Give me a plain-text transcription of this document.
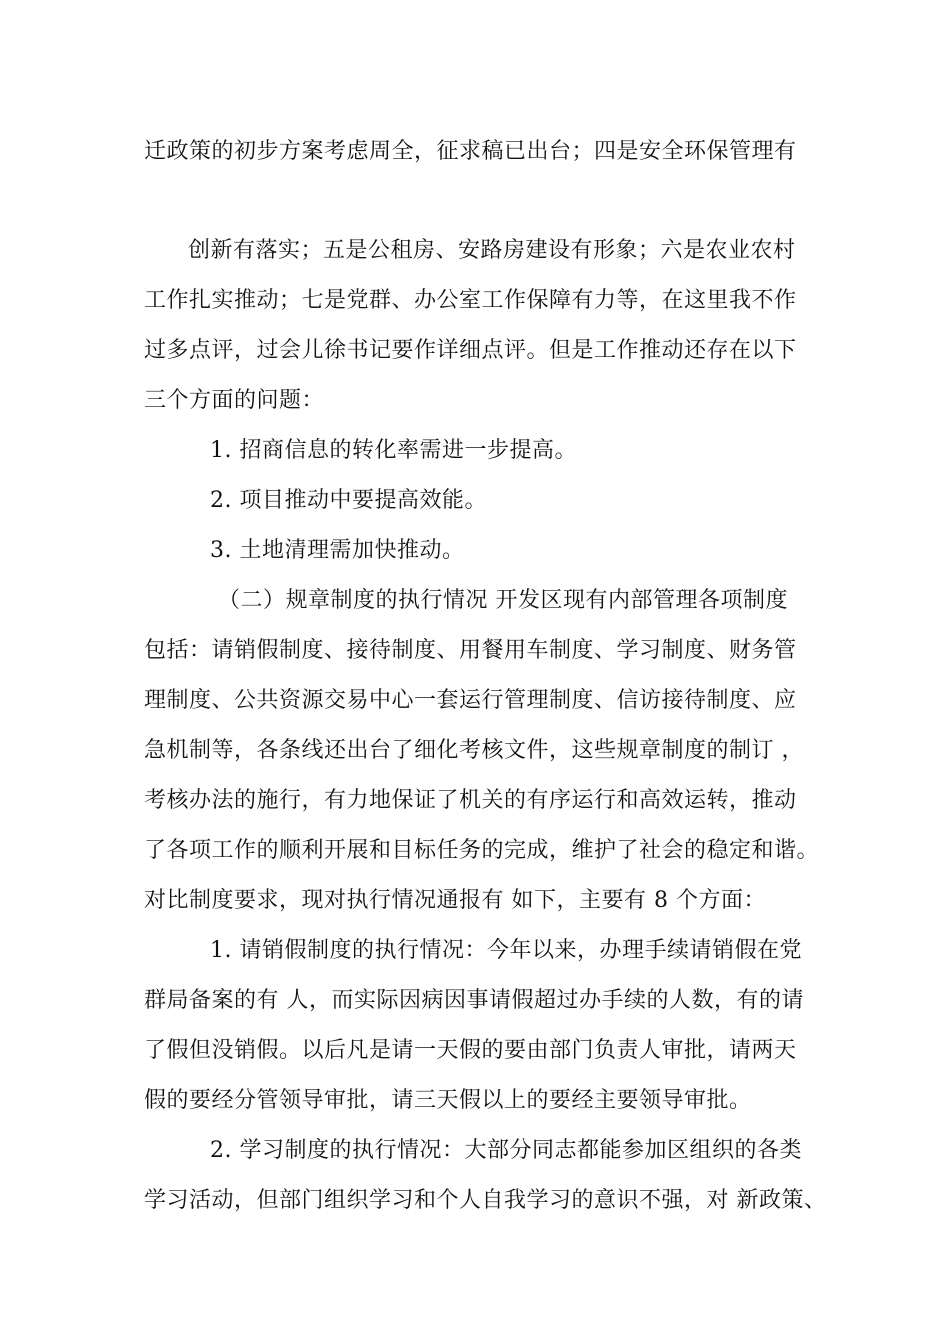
迁政策的初步方案考虑周全，征求稿已出台；四是安全环保管理有
创新有落实；五是公租房、安路房建设有形象；六是农业农村
工作扎实推动；七是党群、办公室工作保障有力等，在这里我不作
过多点评，过会儿徐书记要作详细点评。但是工作推动还存在以下
三个方面的问题：
1. 招商信息的转化率需进一步提高。
2. 项目推动中要提高效能。
3. 土地清理需加快推动。
（二）规章制度的执行情况 开发区现有内部管理各项制度
包括：请销假制度、接待制度、用餐用车制度、学习制度、财务管
理制度、公共资源交易中心一套运行管理制度、信访接待制度、应
急机制等，各条线还出台了细化考核文件，这些规章制度的制订 ，
考核办法的施行，有力地保证了机关的有序运行和高效运转，推动
了各项工作的顺利开展和目标任务的完成，维护了社会的稳定和谐。
对比制度要求，现对执行情况通报有 如下，主要有 8 个方面：
1. 请销假制度的执行情况：今年以来，办理手续请销假在党
群局备案的有 人，而实际因病因事请假超过办手续的人数，有的请
了假但没销假。以后凡是请一天假的要由部门负责人审批，请两天
假的要经分管领导审批，请三天假以上的要经主要领导审批。
2. 学习制度的执行情况：大部分同志都能参加区组织的各类
学习活动，但部门组织学习和个人自我学习的意识不强，对 新政策、
